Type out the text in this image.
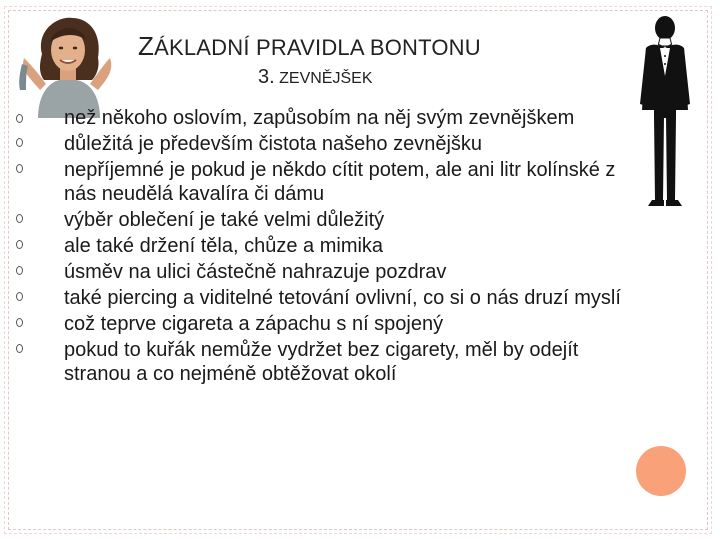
ZÁKLADNÍ PRAVIDLA BONTONU
3. ZEVNĚJŠEK
než někoho oslovím, zapůsobím na něj svým zevnějškem
důležitá je především čistota našeho zevnějšku
nepříjemné je pokud je někdo cítit potem, ale ani litr kolínské z nás neudělá kavalíra či dámu
výběr oblečení je také velmi důležitý
ale také držení těla, chůze a mimika
úsměv na ulici částečně nahrazuje pozdrav
také piercing a viditelné tetování ovlivní, co si o nás druzí myslí
což teprve cigareta a zápachu s ní spojený
pokud to kuřák nemůže vydržet bez cigarety, měl by odejít stranou a co nejméně obtěžovat okolí
